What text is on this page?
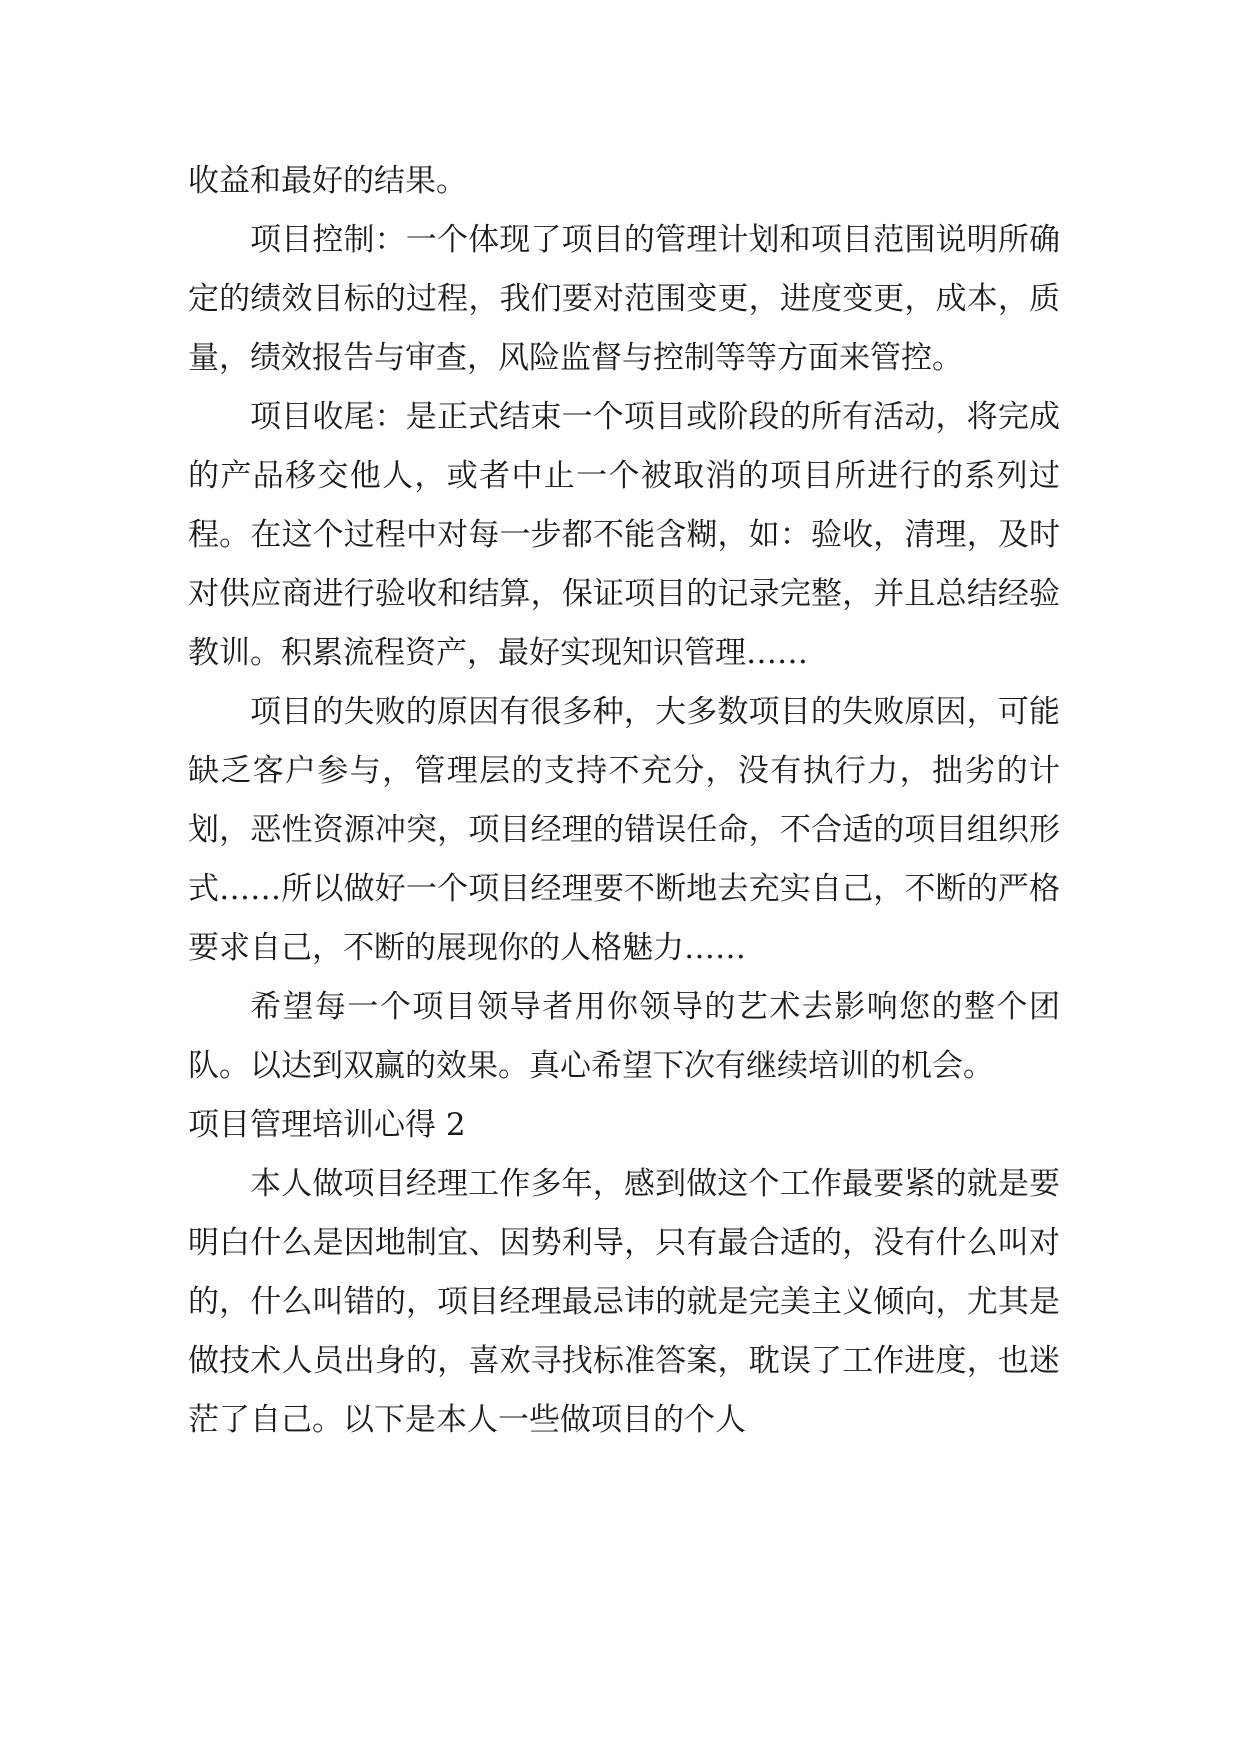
收益和最好的结果。

项目控制：一个体现了项目的管理计划和项目范围说明所确定的绩效目标的过程，我们要对范围变更，进度变更，成本，质量，绩效报告与审查，风险监督与控制等等方面来管控。

项目收尾：是正式结束一个项目或阶段的所有活动，将完成的产品移交他人，或者中止一个被取消的项目所进行的系列过程。在这个过程中对每一步都不能含糊，如：验收，清理，及时对供应商进行验收和结算，保证项目的记录完整，并且总结经验教训。积累流程资产，最好实现知识管理……

项目的失败的原因有很多种，大多数项目的失败原因，可能缺乏客户参与，管理层的支持不充分，没有执行力，拙劣的计划，恶性资源冲突，项目经理的错误任命，不合适的项目组织形式……所以做好一个项目经理要不断地去充实自己，不断的严格要求自己，不断的展现你的人格魅力……

希望每一个项目领导者用你领导的艺术去影响您的整个团队。以达到双赢的效果。真心希望下次有继续培训的机会。

项目管理培训心得 2

本人做项目经理工作多年，感到做这个工作最要紧的就是要明白什么是因地制宜、因势利导，只有最合适的，没有什么叫对的，什么叫错的，项目经理最忌讳的就是完美主义倾向，尤其是做技术人员出身的，喜欢寻找标准答案，耽误了工作进度，也迷茫了自己。以下是本人一些做项目的个人
